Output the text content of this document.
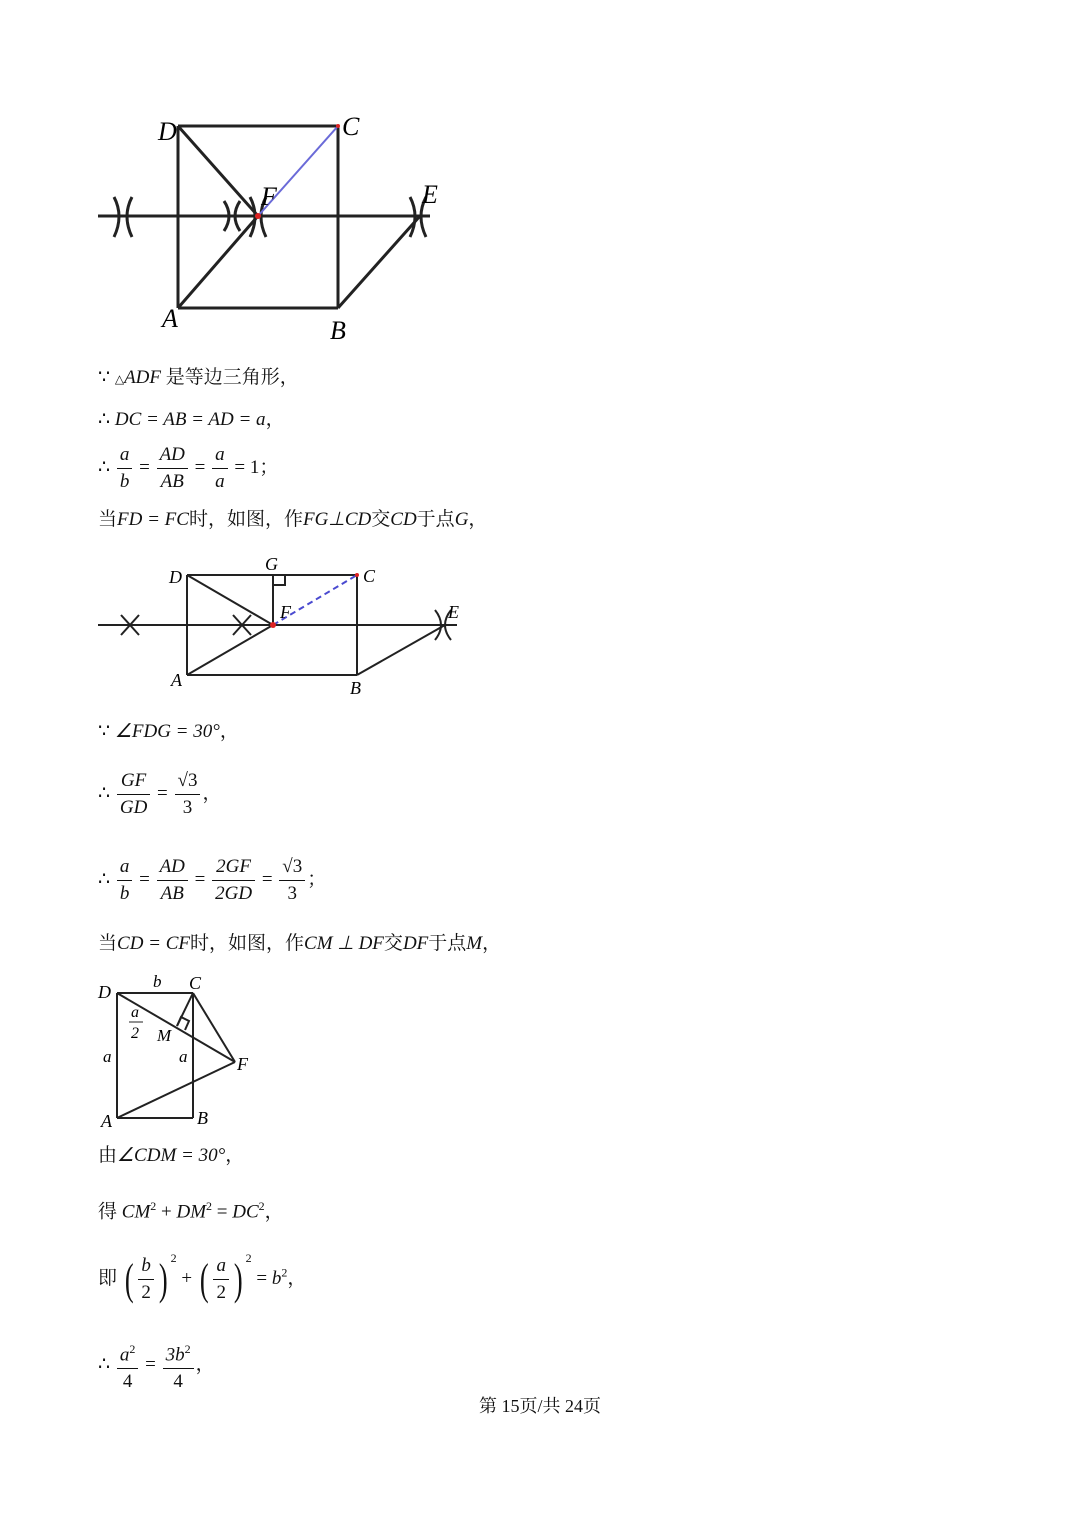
D	C
F	E
A	B
∵ △ADF 是等边三角形，
∴ DC = AB = AD = a，
∴ $\frac{a}{b} = \frac{AD}{AB} = \frac{a}{a} = 1$；
当FD = FC时，如图，作FG⊥CD交CD于点G，
D
G
C
F	E
A	B
∵ ∠FDG = 30°，
∴ $\frac{GF}{GD} = \frac{√3}{3}$ ，
∴ $\frac{a}{b} = \frac{AD}{AB} = \frac{2GF}{2GD} = \frac{√3}{3}$ ；
当CD = CF时，如图，作CM ⊥ DF交DF于点M，
D
b C
a
2 M
a	a	F
A	B
由∠CDM = 30°，
得 $CM^2 + DM^2 = DC^2$，
即 ( $\frac{b}{2}$ ) $^2$ + ( $\frac{a}{2}$ ) $^2 = b^2$，
∴ $\frac{a^2}{4} = \frac{3b^2}{4}$ ，
第 15页/共 24页
